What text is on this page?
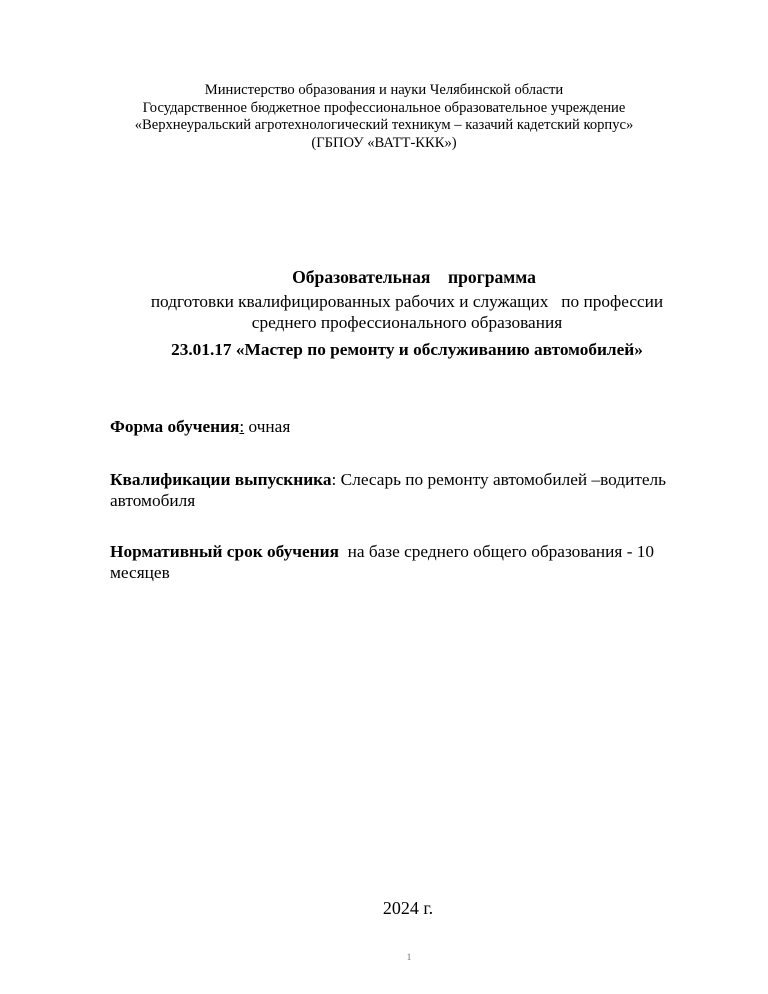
Министерство образования и науки Челябинской области
Государственное бюджетное профессиональное образовательное учреждение
«Верхнеуральский агротехнологический техникум – казачий кадетский корпус»
(ГБПОУ «ВАТТ-ККК»)
Образовательная    программа
подготовки квалифицированных рабочих и служащих   по профессии
среднего профессионального образования
23.01.17 «Мастер по ремонту и обслуживанию автомобилей»
Форма обучения: очная
Квалификации выпускника: Слесарь по ремонту автомобилей –водитель автомобиля
Нормативный срок обучения  на базе среднего общего образования - 10 месяцев
2024 г.
1
